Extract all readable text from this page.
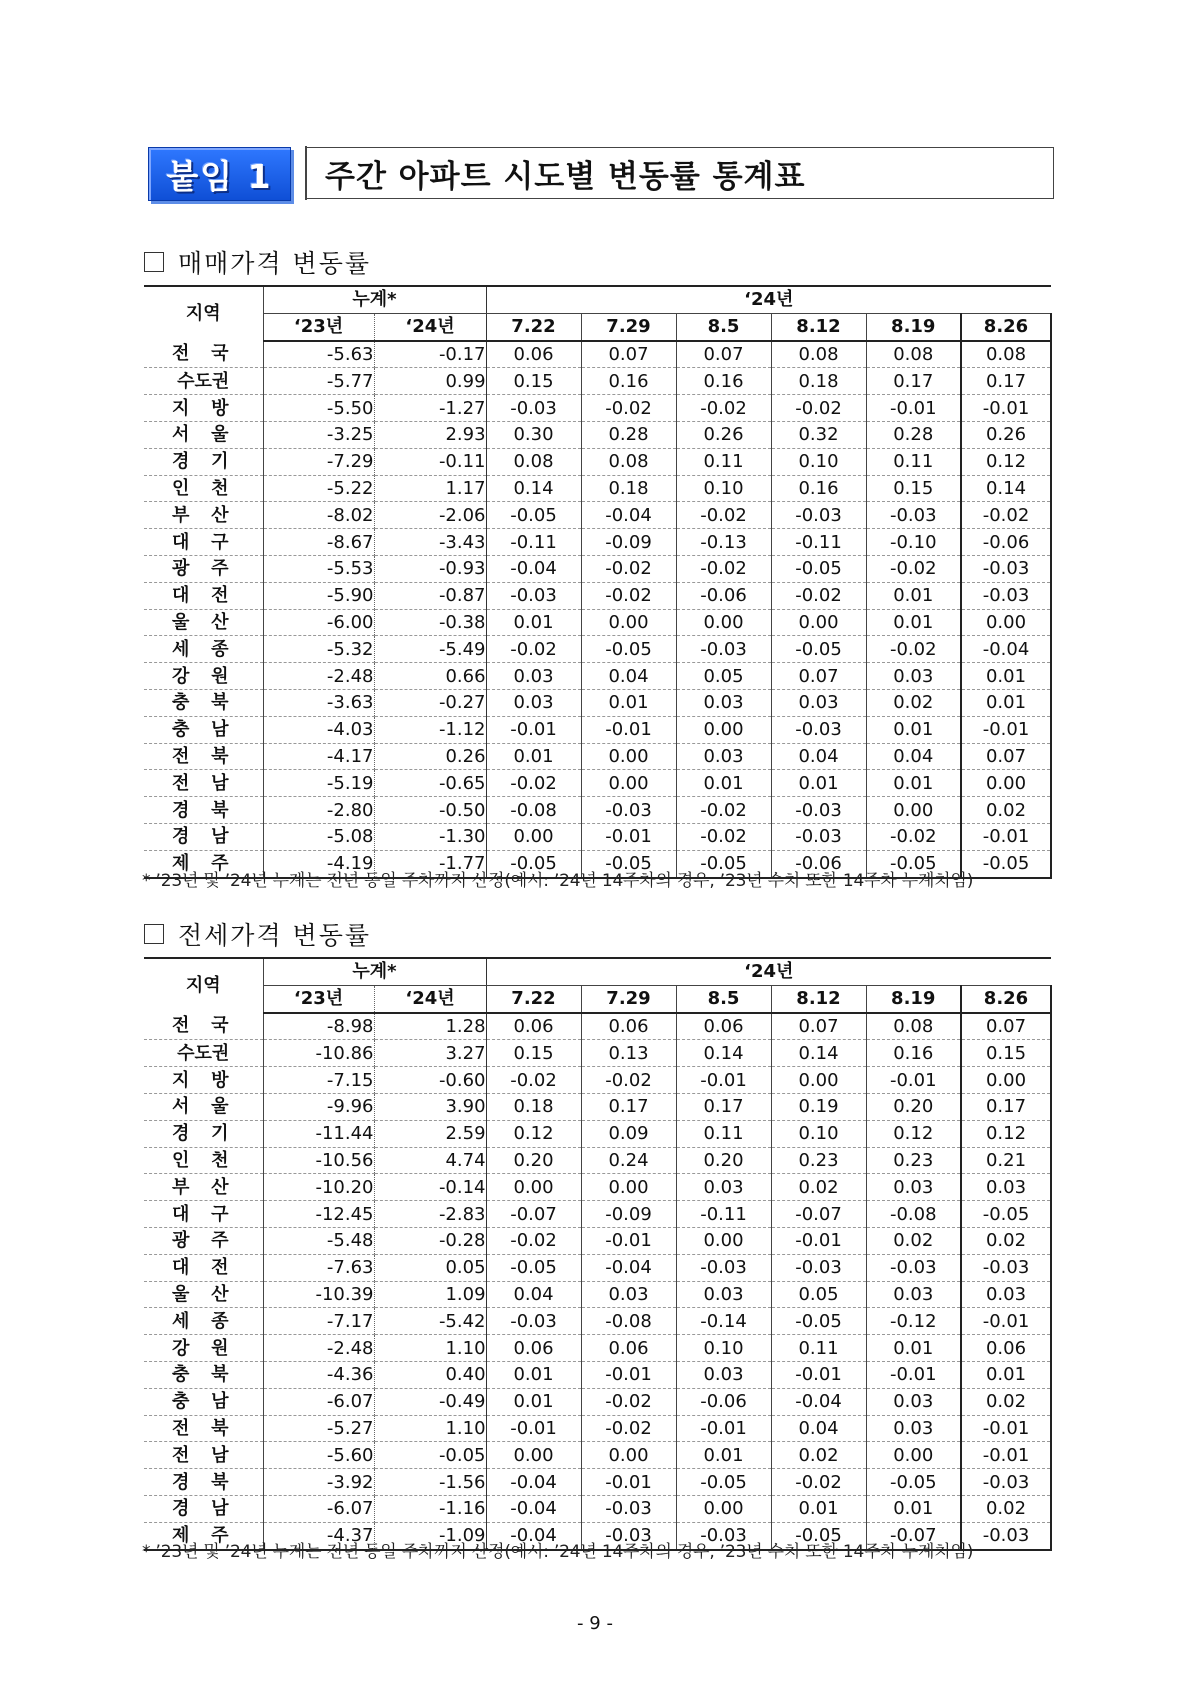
붙임 1 주간 아파트 시도별 변동률 통계표
매매가격 변동률
지역	누계*		‘24년					
	‘23년	‘24년	7.22	7.29	8.5	8.12	8.19	8.26

전 국	-5.63	-0.17	0.06	0.07	0.07	0.08	0.08	0.08
수도권	-5.77	0.99	0.15	0.16	0.16	0.18	0.17	0.17

지 방	-5.50	-1.27	-0.03	-0.02	-0.02	-0.02	-0.01	-0.01

서 울	-3.25	2.93	0.30	0.28	0.26	0.32	0.28	0.26

경 기	-7.29	-0.11	0.08	0.08	0.11	0.10	0.11	0.12

인 천	-5.22	1.17	0.14	0.18	0.10	0.16	0.15	0.14

부 산	-8.02	-2.06	-0.05	-0.04	-0.02	-0.03	-0.03	-0.02

대 구	-8.67	-3.43	-0.11	-0.09	-0.13	-0.11	-0.10	-0.06

광 주	-5.53	-0.93	-0.04	-0.02	-0.02	-0.05	-0.02	-0.03

대 전	-5.90	-0.87	-0.03	-0.02	-0.06	-0.02	0.01	-0.03

울 산	-6.00	-0.38	0.01	0.00	0.00	0.00	0.01	0.00

세 종	-5.32	-5.49	-0.02	-0.05	-0.03	-0.05	-0.02	-0.04

강 원	-2.48	0.66	0.03	0.04	0.05	0.07	0.03	0.01

충 북	-3.63	-0.27	0.03	0.01	0.03	0.03	0.02	0.01

충 남	-4.03	-1.12	-0.01	-0.01	0.00	-0.03	0.01	-0.01

전 북	-4.17	0.26	0.01	0.00	0.03	0.04	0.04	0.07

전 남	-5.19	-0.65	-0.02	0.00	0.01	0.01	0.01	0.00

경 북	-2.80	-0.50	-0.08	-0.03	-0.02	-0.03	0.00	0.02

경 남	-5.08	-1.30	0.00	-0.01	-0.02	-0.03	-0.02	-0.01

제 주	-4.19	-1.77	-0.05	-0.05	-0.05	-0.06	-0.05	-0.05
* ’23년 및 ’24년 누계는 전년 동일 주차까지 산정(예시: ’24년 14주차의 경우, ’23년 수치 또한 14주차 누계치임)
전세가격 변동률
지역	누계*		‘24년					
	‘23년	‘24년	7.22	7.29	8.5	8.12	8.19	8.26

전 국	-8.98	1.28	0.06	0.06	0.06	0.07	0.08	0.07
수도권	-10.86	3.27	0.15	0.13	0.14	0.14	0.16	0.15

지 방	-7.15	-0.60	-0.02	-0.02	-0.01	0.00	-0.01	0.00

서 울	-9.96	3.90	0.18	0.17	0.17	0.19	0.20	0.17

경 기	-11.44	2.59	0.12	0.09	0.11	0.10	0.12	0.12

인 천	-10.56	4.74	0.20	0.24	0.20	0.23	0.23	0.21

부 산	-10.20	-0.14	0.00	0.00	0.03	0.02	0.03	0.03

대 구	-12.45	-2.83	-0.07	-0.09	-0.11	-0.07	-0.08	-0.05

광 주	-5.48	-0.28	-0.02	-0.01	0.00	-0.01	0.02	0.02

대 전	-7.63	0.05	-0.05	-0.04	-0.03	-0.03	-0.03	-0.03

울 산	-10.39	1.09	0.04	0.03	0.03	0.05	0.03	0.03

세 종	-7.17	-5.42	-0.03	-0.08	-0.14	-0.05	-0.12	-0.01

강 원	-2.48	1.10	0.06	0.06	0.10	0.11	0.01	0.06

충 북	-4.36	0.40	0.01	-0.01	0.03	-0.01	-0.01	0.01

충 남	-6.07	-0.49	0.01	-0.02	-0.06	-0.04	0.03	0.02

전 북	-5.27	1.10	-0.01	-0.02	-0.01	0.04	0.03	-0.01

전 남	-5.60	-0.05	0.00	0.00	0.01	0.02	0.00	-0.01

경 북	-3.92	-1.56	-0.04	-0.01	-0.05	-0.02	-0.05	-0.03

경 남	-6.07	-1.16	-0.04	-0.03	0.00	0.01	0.01	0.02

제 주	-4.37	-1.09	-0.04	-0.03	-0.03	-0.05	-0.07	-0.03
* ’23년 및 ’24년 누계는 전년 동일 주차까지 산정(예시: ’24년 14주차의 경우, ’23년 수치 또한 14주차 누계치임)
- 9 -
